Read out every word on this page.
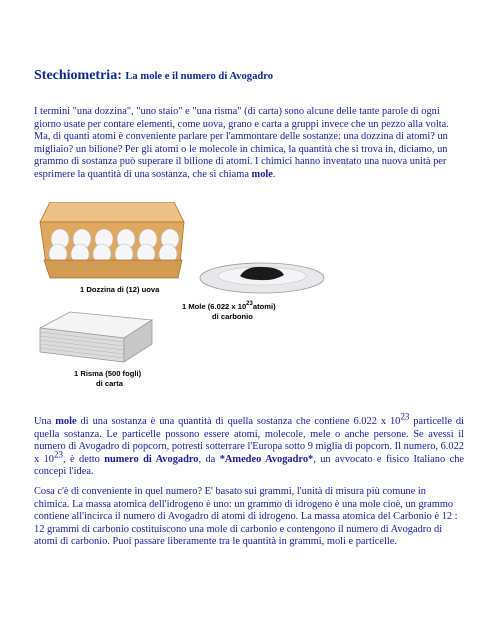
Stechiometria: La mole e il numero di Avogadro

I termini "una dozzina", "uno staio" e "una risma" (di carta) sono alcune delle tante parole di ogni giorno usate per contare elementi, come uova, grano e carta a gruppi invece che un pezzo alla volta. Ma, di quanti atomi è conveniente parlare per l'ammontare delle sostanze: una dozzina di atomi? un migliaio? un bilione? Per gli atomi o le molecole in chimica, la quantità che si trova in, diciamo, un grammo di sostanza può superare il bilione di atomi. I chimici hanno inventato una nuova unità per esprimere la quantità di una sostanza, che si chiama mole.

1 Dozzina di (12) uova
1 Mole (6.022 x $10^{23}atomi$)
di carbonio
1 Risma (500 fogli)
di carta

Una mole di una sostanza è una quantità di quella sostanza che contiene 6.022 x $10^{23}$ particelle di quella sostanza. Le particelle possono essere atomi, molecole, mele o anche persone. Se avessi il numero di Avogadro di popcorn, potresti sotterrare l'Europa sotto 9 miglia di popcorn. Il numero, 6.022 x $10^{23}$, è detto numero di Avogadro, da *Amedeo Avogadro*, un avvocato e fisico Italiano che concepì l'idea.

Cosa c'è di conveniente in quel numero? E' basato sui grammi, l'unità di misura più comune in chimica. La massa atomica dell'idrogeno è uno: un grammo di idrogeno è una mole cioè, un grammo contiene all'incirca il numero di Avogadro di atomi di idrogeno. La massa atomica del Carbonio è 12 : 12 grammi di carbonio costituiscono una mole di carbonio e contengono il numero di Avogadro di atomi di carbonio. Puoi passare liberamente tra le quantità in grammi, moli e particelle.
